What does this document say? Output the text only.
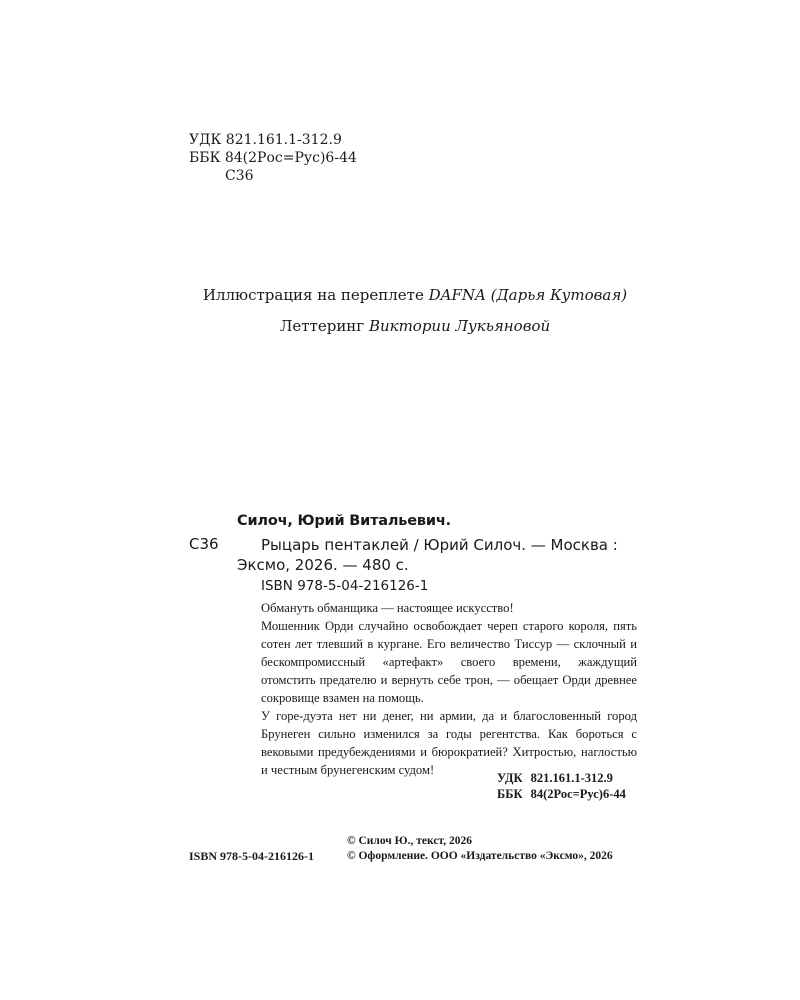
УДК 821.161.1-312.9
ББК 84(2Рос=Рус)6-44
С36
Иллюстрация на переплете DAFNA (Дарья Кутовая)
Леттеринг Виктории Лукьяновой
Силоч, Юрий Витальевич.
С36	Рыцарь пентаклей / Юрий Силоч. — Москва :
Эксмо, 2026. — 480 с.
ISBN 978-5-04-216126-1

Обмануть обманщика — настоящее искусство!

Мошенник Орди случайно освобождает череп старого короля, пять сотен лет тлевший в кургане. Его величество Тиссур — склочный и бескомпромиссный «артефакт» своего времени, жаждущий отомстить предателю и вернуть себе трон, — обещает Орди древнее сокровище взамен на помощь.

У горе-дуэта нет ни денег, ни армии, да и благословенный город Брунеген сильно изменился за годы регентства. Как бороться с вековыми предубеждениями и бюрократией? Хитростью, наглостью и честным брунегенским судом!

УДК 821.161.1-312.9
ББК 84(2Рос=Рус)6-44
© Силоч Ю., текст, 2026
© Оформление. ООО «Издательство «Эксмо», 2026
ISBN 978-5-04-216126-1
